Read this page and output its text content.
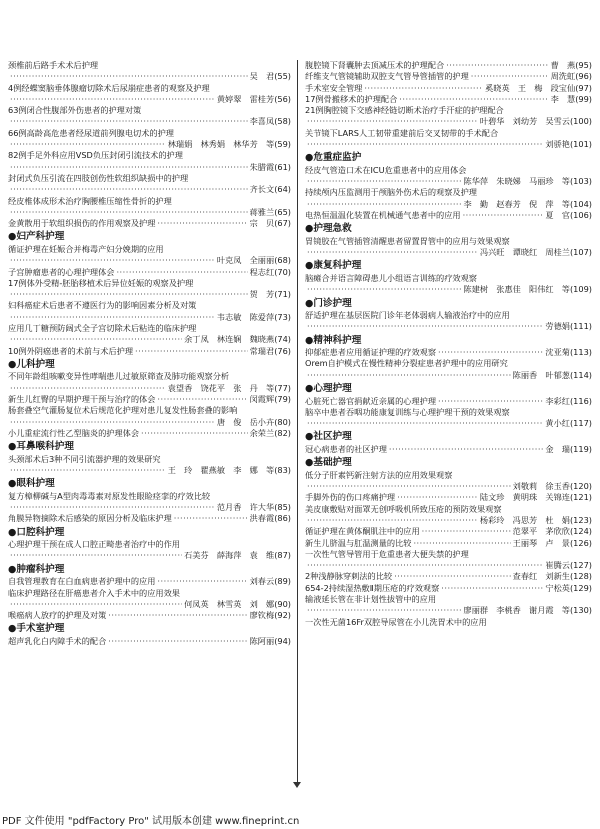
颈椎前后路手术术后护理
·····
吴　君 (55)
4例经蝶窦脑垂体腺瘤切除术后尿崩症患者的观察及护理
·····
黄婷翠　雷桂芳 (56)
63例闭合性腹部外伤患者的护理对策
·····
李喜凤 (58)
66例高龄高危患者经尿道前列腺电切术的护理
·····
林瑞娟　林秀娟　林华芳　等 (59)
82例手足外科应用VSD负压封闭引流技术的护理
·····
朱腊霞 (61)
封闭式负压引流在四肢创伤性软组织缺损中的护理
·····
齐长文 (64)
经皮椎体成形术治疗胸腰椎压缩性骨折的护理
·····
蒋雅兰 (65)
金黄散用于软组织损伤的作用观察及护理 ·····	宗　贝 (67)
●妇产科护理
循证护理在妊娠合并梅毒产妇分娩期的应用
·····
叶克凤　全丽丽 (68)
子宫肿瘤患者的心理护理体会 ·····	程志红 (70)
17例体外受精-胚胎移植术后异位妊娠的观察及护理
·····
贺　芳 (71)
妇科癌症术后患者不遵医行为的影响因素分析及对策
·····
韦志敏　陈爱萍 (73)
应用几丁糖预防阔式全子宫切除术后粘连的临床护理
·····
余丁凤　林连娴　魏晓燕 (74)
10例外阴癌患者的术前与术后护理 ·····	常瑞君 (76)
●儿科护理
不同年龄组咳嗽变异性哮喘患儿过敏原筛查及肺功能观察分析
·····
袁望香　饶花平　张　丹　等 (77)
新生儿红臀的早期护理干预与治疗的体会 ·····	闵霞辉 (79)
肠套叠空气灌肠复位术后规范化护理对患儿复发性肠套叠的影响
·····
唐　俊　岳小卉 (80)
小儿重症流行性乙型脑炎的护理体会 ·····	余荣兰 (82)
●耳鼻喉科护理
头颈部术后3种不同引流器护理的效果研究
·····
王　玲　瞿燕敏　李　娜　等 (83)
●眼科护理
复方樟柳碱与A型肉毒毒素对原发性眼睑痉挛的疗效比较
·····
范月香　许大华 (85)
角膜异物摘除术后感染的原因分析及临床护理 ·····	洪春霞 (86)
●口腔科护理
心理护理干预在成人口腔正畸患者治疗中的作用
·····
石美芬　薛海萍　袁　维 (87)
●肿瘤科护理
自我管理教育在白血病患者护理中的应用 ·····	刘春云 (89)
临床护理路径在肝癌患者介入手术中的应用效果
·····
何凤英　林雪英　刘　娜 (90)
喉癌病人放疗的护理及对策 ·····	廖钦梅 (92)
●手术室护理
超声乳化白内障手术的配合 ·····	陈阿丽 (94)
腹腔镜下肾囊肿去顶减压术的护理配合 ·····	曹　燕 (95)
纤维支气管镜辅助双腔支气管导管插管的护理 ·····	周洗虹 (96)
手术室安全管理 ·····	奚晓英　王　梅　段宝仙 (97)
17例骨搬移术的护理配合 ·····	李　慧 (99)
21例胸腔镜下交感神经链切断术治疗手汗症的护理配合
·····
叶碧华　刘幼芳　吴雪云 (100)
关节镜下LARS人工韧带重建前后交叉韧带的手术配合
·····
刘骄艳 (101)
●危重症监护
经皮气管造口术在ICU危重患者中的应用体会
·····
陈华萍　朱晓娣　马丽珍　等 (103)
持续颅内压监测用于颅脑外伤术后的观察及护理
·····
李　勤　赵春芳　倪　萍　等 (104)
电热恒温温化装置在机械通气患者中的应用 ·····	夏　官 (106)
●护理急救
胃镜胶在气管插管清醒患者留置胃管中的应用与效果观察
·····
冯兴旺　谭晓红　周桂兰 (107)
●康复科护理
脑瘫合并语言障碍患儿小组语言训练的疗效观察
·····
陈建树　张惠佳　阳伟红　等 (109)
●门诊护理
舒适护理在基层医院门诊年老体弱病人输液治疗中的应用
·····
劳德娟 (111)
●精神科护理
抑郁症患者应用循证护理的疗效观察 ·····	沈亚菊 (113)
Orem自护模式在慢性精神分裂症患者护理中的应用研究
·····
陈丽香　叶郁葱 (114)
●心理护理
心脏死亡器官捐献近亲属的心理护理 ·····	李彩红 (116)
脑卒中患者吞咽功能康复训练与心理护理干预的效果观察
·····
黄小红 (117)
●社区护理
冠心病患者的社区护理 ·····	金　瑞 (119)
●基础护理
低分子肝素钙新注射方法的应用效果观察
·····
刘敬莉　徐玉香 (120)
手脚外伤的伤口疼痛护理 ·····	陆文珍　黄明珠　关锦连 (121)
美皮康敷贴对面罩无创呼吸机所致压疮的预防效果观察
·····
杨彩玲　冯思芳　杜　娟 (123)
循证护理在黄体酮肌注中的应用 ·····	范翠平　茅欣欣 (124)
新生儿脐温与肛温测量的比较 ·····	王丽琴　卢　景 (126)
一次性气管导管用于危重患者大便失禁的护理
·····
崔腾云 (127)
2种浅静脉穿刺法的比较 ·····	查春红　刘新生 (128)
654-2持续湿热敷Ⅱ期压疮的疗效观察 ·····	宁松英 (129)
输液延长管在非计划性拔管中的应用
·····
廖丽群　李桃香　谢月霞　等 (130)
一次性无菌16Fr双腔导尿管在小儿洗胃术中的应用
PDF 文件使用 "pdfFactory Pro" 试用版本创建 www.fineprint.cn
